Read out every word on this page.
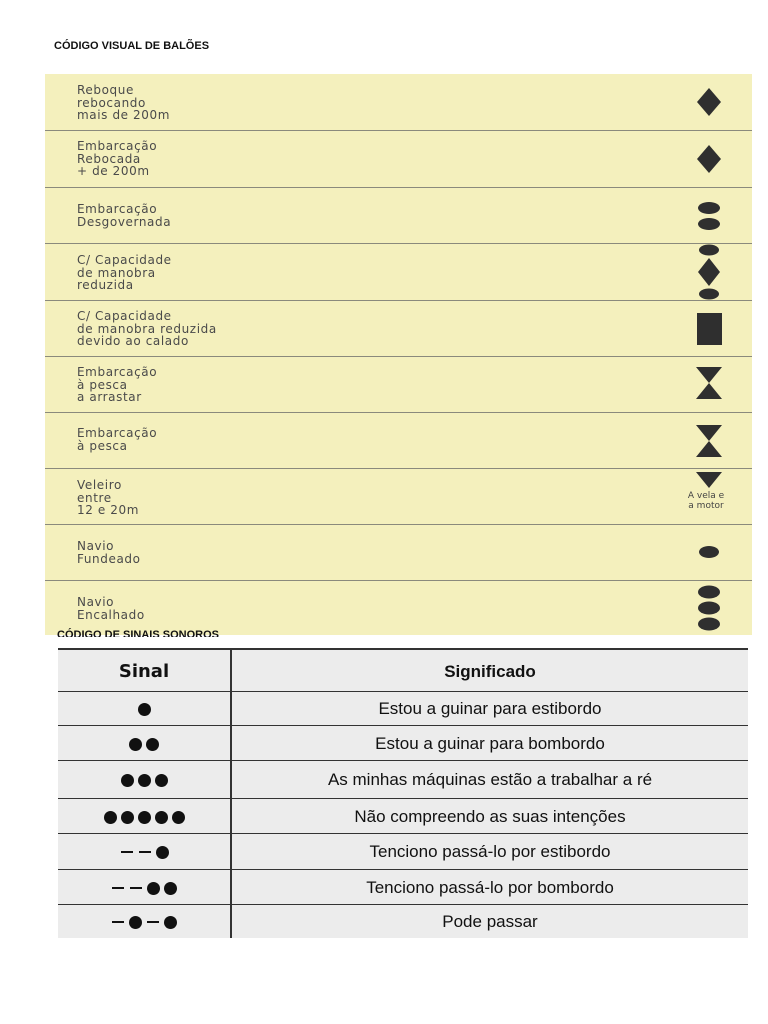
CÓDIGO VISUAL DE BALÕES
Reboque
rebocando
mais de 200m
Embarcação
Rebocada
+ de 200m
Embarcação
Desgovernada
C/ Capacidade
de manobra
reduzida
C/ Capacidade
de manobra reduzida
devido ao calado
Embarcação
à pesca
a arrastar
Embarcação
à pesca
Veleiro
entre
12 e 20m
A vela e
a motor
Navio
Fundeado
Navio
Encalhado
CÓDIGO DE SINAIS SONOROS
Sinal	Significado
Estou a guinar para estibordo
Estou a guinar para bombordo
As minhas máquinas estão a trabalhar a ré
Não compreendo as suas intenções
Tenciono passá-lo por estibordo
Tenciono passá-lo por bombordo
Pode passar
